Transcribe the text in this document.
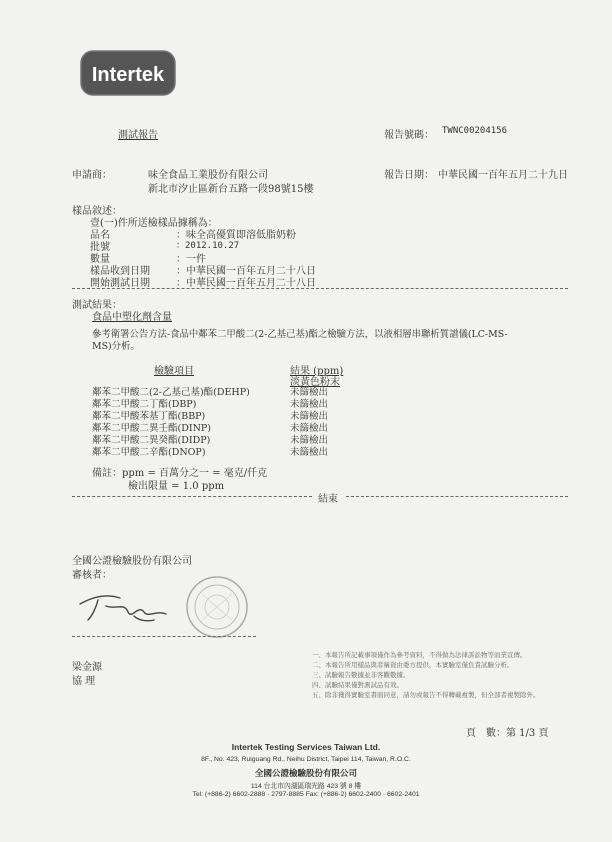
Intertek
測試報告	報告號碼： TWNC00204156
申請商：	味全食品工業股份有限公司
新北市汐止區新台五路一段98號15樓
報告日期： 中華民國一百年五月二十九日
樣品敘述：
壹(一)件所送檢樣品據稱為：
品名	：味全高優質即溶低脂奶粉
批號	：2012.10.27
數量	：一件
樣品收到日期	：中華民國一百年五月二十八日
開始測試日期	：中華民國一百年五月二十八日
測試結果：
食品中塑化劑含量
參考衛署公告方法-食品中鄰苯二甲酸二(2-乙基己基)酯之檢驗方法，以液相層串聯析質譜儀(LC-MS-
MS)分析。
檢驗項目	結果 (ppm)
淡黃色粉末
鄰苯二甲酸二(2-乙基己基)酯(DEHP)	未篩檢出
鄰苯二甲酸二丁酯(DBP)	未篩檢出
鄰苯二甲酸苯基丁酯(BBP)	未篩檢出
鄰苯二甲酸二異壬酯(DINP)	未篩檢出
鄰苯二甲酸二異癸酯(DIDP)	未篩檢出
鄰苯二甲酸二辛酯(DNOP)	未篩檢出
備註：ppm = 百萬分之一 = 毫克/仟克
檢出限量 = 1.0 ppm
結束
全國公證檢驗股份有限公司
審核者：
梁金源
協 理
一、本報告所記載事項僅作為參考資料，不得做為法律訴訟物等而業宣傳。
二、本報告所用樣品與者稱資由委方提供，本實驗室僅負責試驗分析。
三、試驗報告數據並非客觀數據。
四、試驗結果僅對測試品有效。
五、除非獲得實驗室書面同意，請勿或報告不得轉載複製，但全部者複製除外。
頁　數：第 1/3 頁
Intertek Testing Services Taiwan Ltd.
8F., No. 423, Ruiguang Rd., Neihu District, Taipei 114, Taiwan, R.O.C.
全國公證檢驗股份有限公司
114 台北市內湖區瑞光路 423 號 8 樓
Tel: (+886-2) 6602-2888 · 2797-8885 Fax: (+886-2) 6602-2400 · 6602-2401
